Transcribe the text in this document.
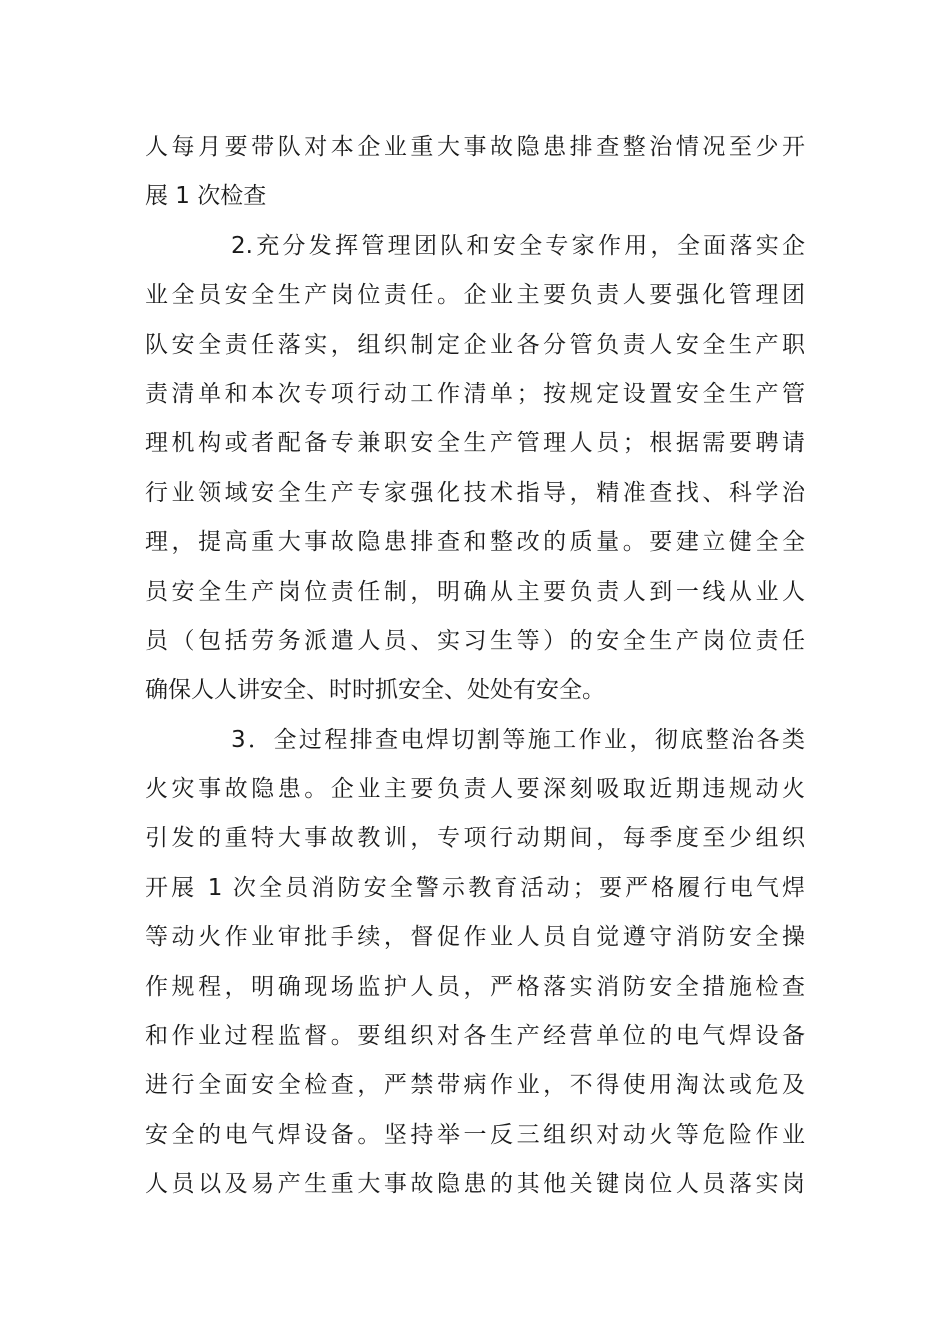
人每月要带队对本企业重大事故隐患排查整治情况至少开
展 1 次检查
2.充分发挥管理团队和安全专家作用，全面落实企
业全员安全生产岗位责任。企业主要负责人要强化管理团
队安全责任落实，组织制定企业各分管负责人安全生产职
责清单和本次专项行动工作清单；按规定设置安全生产管
理机构或者配备专兼职安全生产管理人员；根据需要聘请
行业领域安全生产专家强化技术指导，精准查找、科学治
理，提高重大事故隐患排查和整改的质量。要建立健全全
员安全生产岗位责任制，明确从主要负责人到一线从业人
员（包括劳务派遣人员、实习生等）的安全生产岗位责任
确保人人讲安全、时时抓安全、处处有安全。
3．全过程排查电焊切割等施工作业，彻底整治各类
火灾事故隐患。企业主要负责人要深刻吸取近期违规动火
引发的重特大事故教训，专项行动期间，每季度至少组织
开展 1 次全员消防安全警示教育活动；要严格履行电气焊
等动火作业审批手续，督促作业人员自觉遵守消防安全操
作规程，明确现场监护人员，严格落实消防安全措施检查
和作业过程监督。要组织对各生产经营单位的电气焊设备
进行全面安全检查，严禁带病作业，不得使用淘汰或危及
安全的电气焊设备。坚持举一反三组织对动火等危险作业
人员以及易产生重大事故隐患的其他关键岗位人员落实岗
